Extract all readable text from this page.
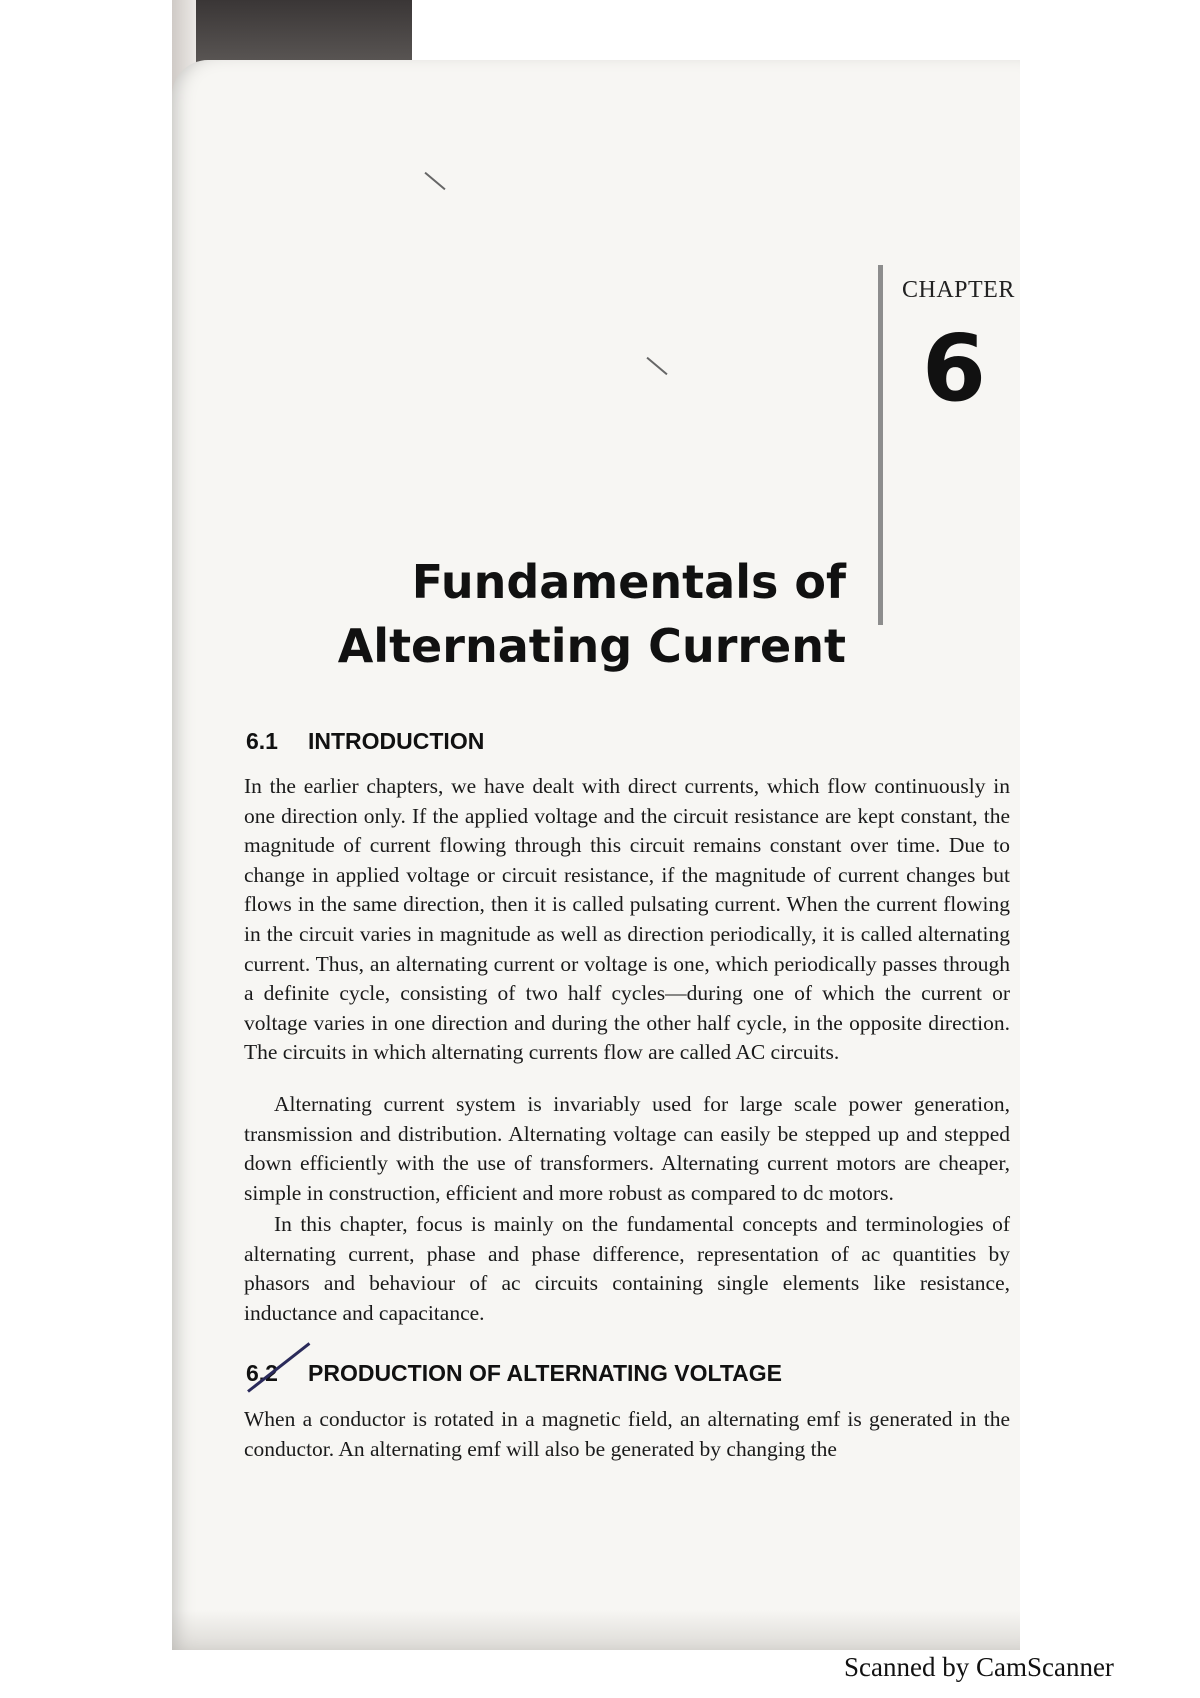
CHAPTER
6
Fundamentals of
Alternating Current
6.1 INTRODUCTION
In the earlier chapters, we have dealt with direct currents, which flow continuously in one direction only. If the applied voltage and the circuit resistance are kept constant, the magnitude of current flowing through this circuit remains constant over time. Due to change in applied voltage or circuit resistance, if the magnitude of current changes but flows in the same direction, then it is called pulsating current. When the current flowing in the circuit varies in magnitude as well as direction periodically, it is called alternating current. Thus, an alternating current or voltage is one, which periodically passes through a definite cycle, consisting of two half cycles—during one of which the current or voltage varies in one direction and during the other half cycle, in the opposite direction. The circuits in which alternating currents flow are called AC circuits.
Alternating current system is invariably used for large scale power generation, transmission and distribution. Alternating voltage can easily be stepped up and stepped down efficiently with the use of transformers. Alternating current motors are cheaper, simple in construction, efficient and more robust as compared to dc motors.
In this chapter, focus is mainly on the fundamental concepts and terminologies of alternating current, phase and phase difference, representation of ac quantities by phasors and behaviour of ac circuits containing single elements like resistance, inductance and capacitance.
6.2 PRODUCTION OF ALTERNATING VOLTAGE
When a conductor is rotated in a magnetic field, an alternating emf is generated in the conductor. An alternating emf will also be generated by changing the
Scanned by CamScanner
